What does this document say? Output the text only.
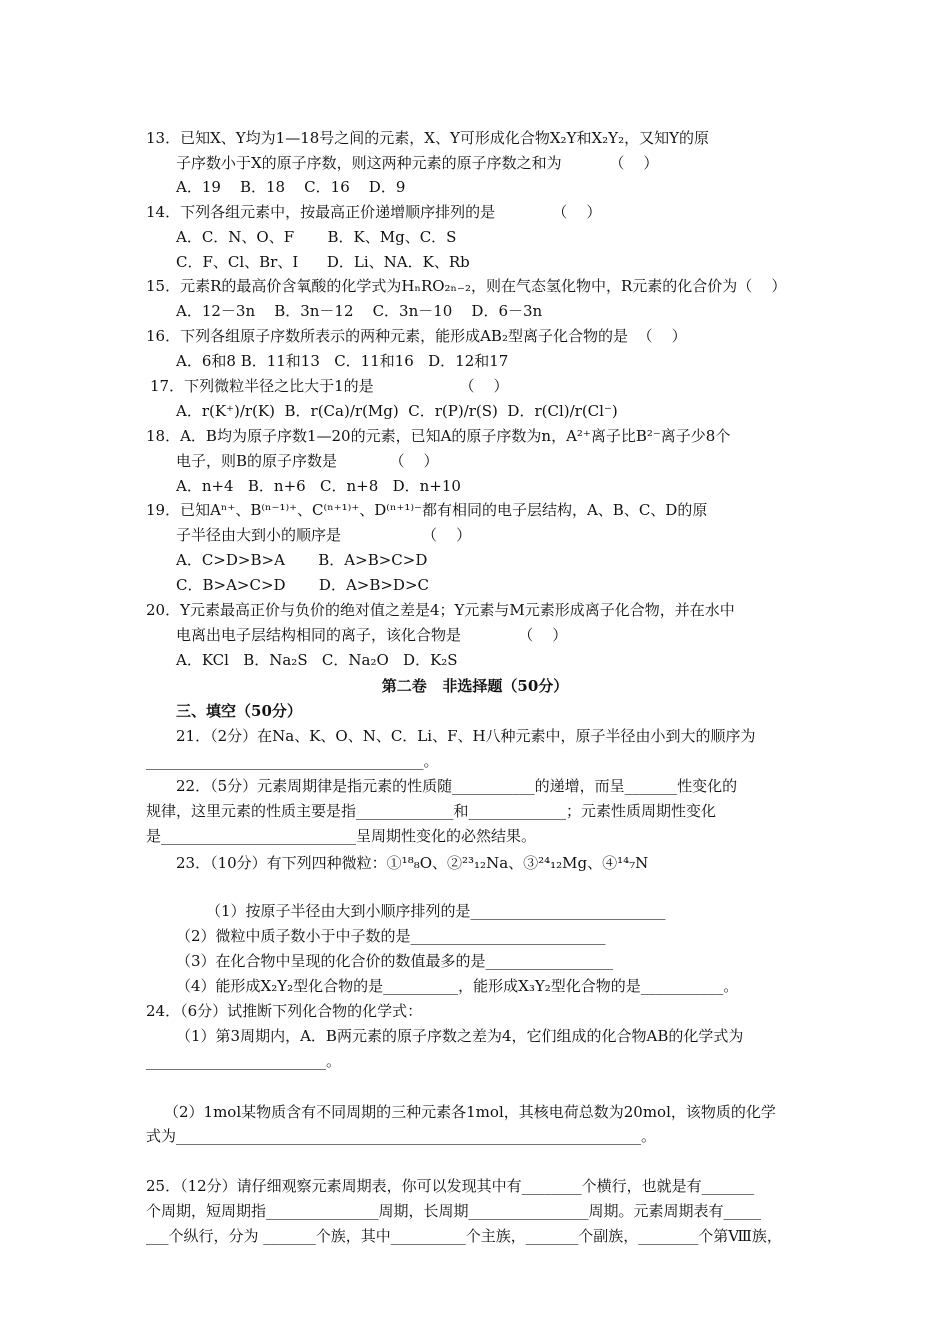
13．已知X、Y均为1—18号之间的元素，X、Y可形成化合物X₂Y和X₂Y₂，又知Y的原
子序数小于X的原子序数，则这两种元素的原子序数之和为          （    ）
A．19    B．18    C．16    D．9
14．下列各组元素中，按最高正价递增顺序排列的是            （    ）
A．C．N、O、F       B．K、Mg、C．S
C．F、Cl、Br、I      D．Li、NA．K、Rb
15．元素R的最高价含氧酸的化学式为HₙRO₂ₙ₋₂，则在气态氢化物中，R元素的化合价为（    ）
A．12－3n    B．3n－12    C．3n－10    D．6－3n
16．下列各组原子序数所表示的两种元素，能形成AB₂型离子化合物的是  （    ）
A．6和8 B．11和13   C．11和16   D．12和17
17．下列微粒半径之比大于1的是                  （    ）
A．r(K⁺)/r(K)  B．r(Ca)/r(Mg)  C．r(P)/r(S)  D．r(Cl)/r(Cl⁻)
18．A．B均为原子序数1—20的元素，已知A的原子序数为n，A²⁺离子比B²⁻离子少8个
电子，则B的原子序数是           （    ）
A．n+4   B．n+6   C．n+8   D．n+10
19．已知Aⁿ⁺、B⁽ⁿ⁻¹⁾⁺、C⁽ⁿ⁺¹⁾⁺、D⁽ⁿ⁺¹⁾⁻都有相同的电子层结构，A、B、C、D的原
子半径由大到小的顺序是                 （    ）
A．C>D>B>A       B．A>B>C>D
C．B>A>C>D       D．A>B>D>C
20．Y元素最高正价与负价的绝对值之差是4；Y元素与M元素形成离子化合物，并在水中
电离出电子层结构相同的离子，该化合物是            （    ）
A．KCl   B．Na₂S   C．Na₂O   D．K₂S
第二卷   非选择题（50分）
三、填空（50分）
21．（2分）在Na、K、O、N、C．Li、F、H八种元素中，原子半径由小到大的顺序为
_____________________________________。
22．（5分）元素周期律是指元素的性质随___________的递增，而呈_______性变化的
规律，这里元素的性质主要是指_____________和_____________；元素性质周期性变化
是__________________________呈周期性变化的必然结果。
23．（10分）有下列四种微粒：①¹⁸₈O、②²³₁₂Na、③²⁴₁₂Mg、④¹⁴₇N
（1）按原子半径由大到小顺序排列的是__________________________
（2）微粒中质子数小于中子数的是__________________________
（3）在化合物中呈现的化合价的数值最多的是_________________
（4）能形成X₂Y₂型化合物的是__________，能形成X₃Y₂型化合物的是___________。
24．（6分）试推断下列化合物的化学式：
（1）第3周期内，A．B两元素的原子序数之差为4，它们组成的化合物AB的化学式为
________________________。
（2）1mol某物质含有不同周期的三种元素各1mol，其核电荷总数为20mol，该物质的化学
式为______________________________________________________________。
25．（12分）请仔细观察元素周期表，你可以发现其中有________个横行，也就是有_______
个周期，短周期指_______________周期，长周期________________周期。元素周期表有_____
___个纵行，分为 _______个族，其中__________个主族，_______个副族，________个第Ⅷ族，
